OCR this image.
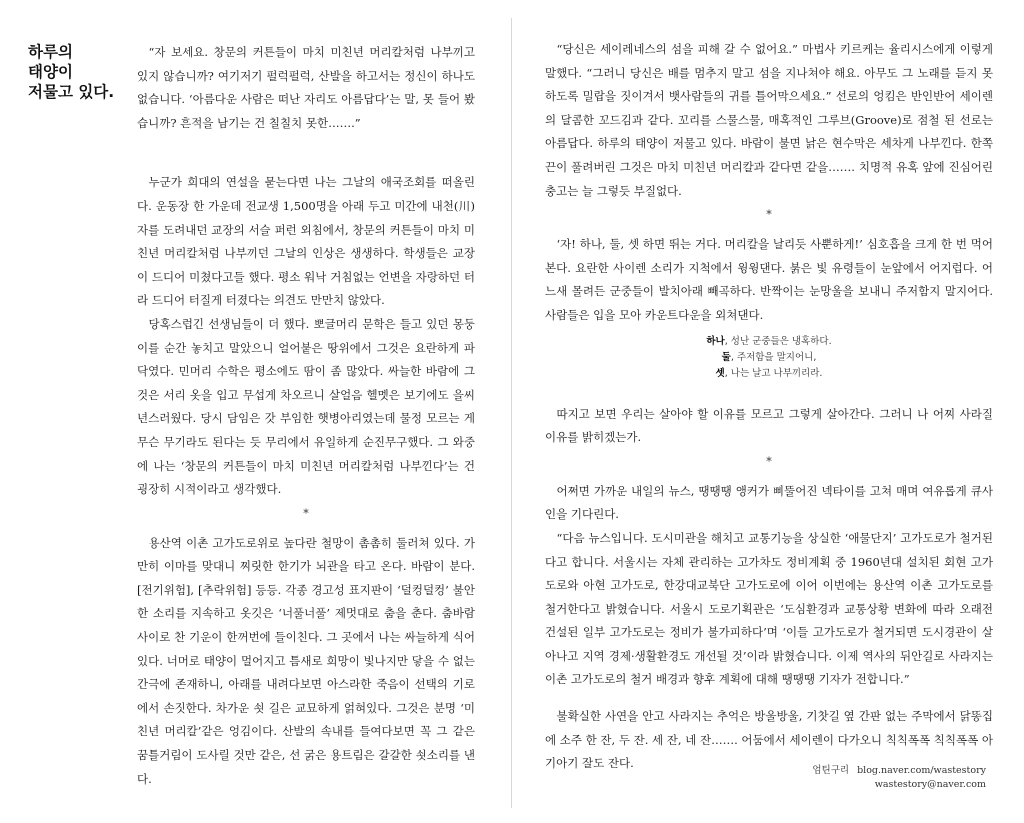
하루의
태양이
저물고 있다.

“자 보세요. 창문의 커튼들이 마치 미친년 머리칼처럼 나부끼고 있지 않습니까? 여기저기 펄럭펄럭, 산발을 하고서는 정신이 하나도 없습니다. ‘아름다운 사람은 떠난 자리도 아름답다’는 말, 못 들어 봤습니까? 흔적을 남기는 건 칠칠치 못한…….”

누군가 희대의 연설을 묻는다면 나는 그날의 애국조회를 떠올린다. 운동장 한 가운데 전교생 1,500명을 아래 두고 미간에 내천(川)자를 도려내던 교장의 서슬 퍼런 외침에서, 창문의 커튼들이 마치 미친년 머리칼처럼 나부끼던 그날의 인상은 생생하다. 학생들은 교장이 드디어 미쳤다고들 했다. 평소 워낙 거침없는 언변을 자랑하던 터라 드디어 터질게 터졌다는 의견도 만만치 않았다.

당혹스럽긴 선생님들이 더 했다. 뽀글머리 문학은 들고 있던 몽둥이를 순간 놓치고 말았으니 얼어붙은 땅위에서 그것은 요란하게 파닥였다. 민머리 수학은 평소에도 땀이 좀 많았다. 싸늘한 바람에 그것은 서리 옷을 입고 무섭게 차오르니 살얼음 헬멧은 보기에도 을씨년스러웠다. 당시 담임은 갓 부임한 햇병아리였는데 물정 모르는 게 무슨 무기라도 된다는 듯 무리에서 유일하게 순진무구했다. 그 와중에 나는 ‘창문의 커튼들이 마치 미친년 머리칼처럼 나부낀다’는 건 굉장히 시적이라고 생각했다.

*

용산역 이촌 고가도로위로 높다란 철망이 촘촘히 둘러쳐 있다. 가만히 이마를 맞대니 찌릿한 한기가 뇌관을 타고 온다. 바람이 분다. [전기위험], [추락위험] 등등. 각종 경고성 표지판이 ‘덜컹덜컹’ 불안한 소리를 지속하고 옷깃은 ‘너풀너풀’ 제멋대로 춤을 춘다. 춤바람 사이로 찬 기운이 한꺼번에 들이친다. 그 곳에서 나는 싸늘하게 식어 있다. 너머로 태양이 멀어지고 틈새로 희망이 빛나지만 닿을 수 없는 간극에 존재하니, 아래를 내려다보면 아스라한 죽음이 선택의 기로에서 손짓한다. 차가운 쇳 길은 교묘하게 얽혀있다. 그것은 분명 ‘미친년 머리칼’같은 엉김이다. 산발의 속내를 들여다보면 꼭 그 같은 꿈틀거림이 도사릴 것만 같은, 선 굵은 용트림은 갈갈한 쇳소리를 낸다.

“당신은 세이레네스의 섬을 피해 갈 수 없어요.” 마법사 키르케는 율리시스에게 이렇게 말했다. “그러니 당신은 배를 멈추지 말고 섬을 지나쳐야 해요. 아무도 그 노래를 듣지 못하도록 밀랍을 짓이겨서 뱃사람들의 귀를 틀어막으세요.” 선로의 엉킴은 반인반어 세이렌의 달콤한 꼬드김과 같다. 꼬리를 스물스물, 매혹적인 그루브(Groove)로 점철 된 선로는 아름답다. 하루의 태양이 저물고 있다. 바람이 불면 낡은 현수막은 세차게 나부낀다. 한쪽 끈이 풀려버린 그것은 마치 미친년 머리칼과 같다면 같을……. 치명적 유혹 앞에 진심어린 충고는 늘 그렇듯 부질없다.

*

‘자! 하나, 둘, 셋 하면 뛰는 거다. 머리칼을 날리듯 사뿐하게!’ 심호흡을 크게 한 번 먹어본다. 요란한 사이렌 소리가 지척에서 윙윙댄다. 붉은 빛 유령들이 눈앞에서 어지럽다. 어느새 몰려든 군중들이 발치아래 빼곡하다. 반짝이는 눈망울을 보내니 주저함지 말지어다. 사람들은 입을 모아 카운트다운을 외쳐댄다.

하나, 성난 군중들은 냉혹하다.
둘, 주저함을 말지어니,
셋, 나는 날고 나부끼리라.

따지고 보면 우리는 살아야 할 이유를 모르고 그렇게 살아간다. 그러니 나 어찌 사라질 이유를 밝히겠는가.

*

어쩌면 가까운 내일의 뉴스, 땡땡땡 앵커가 삐뚤어진 넥타이를 고쳐 매며 여유롭게 큐사인을 기다린다.

“다음 뉴스입니다. 도시미관을 해치고 교통기능을 상실한 ‘애물단지’ 고가도로가 철거된다고 합니다. 서울시는 자체 관리하는 고가차도 정비계획 중 1960년대 설치된 회현 고가도로와 아현 고가도로, 한강대교북단 고가도로에 이어 이번에는 용산역 이촌 고가도로를 철거한다고 밝혔습니다. 서울시 도로기획관은 ‘도심환경과 교통상황 변화에 따라 오래전 건설된 일부 고가도로는 정비가 불가피하다’며 ‘이들 고가도로가 철거되면 도시경관이 살아나고 지역 경제·생활환경도 개선될 것’이라 밝혔습니다. 이제 역사의 뒤안길로 사라지는 이촌 고가도로의 철거 배경과 향후 계획에 대해 땡땡땡 기자가 전합니다.”

불확실한 사연을 안고 사라지는 추억은 방울방울, 기찻길 옆 간판 없는 주막에서 닭똥집에 소주 한 잔, 두 잔. 세 잔, 네 잔……. 어둠에서 세이렌이 다가오니 칙칙폭폭 칙칙폭폭 아기아기 잘도 잔다.

엄틴구리 blog.naver.com/wastestory
wastestory@naver.com
